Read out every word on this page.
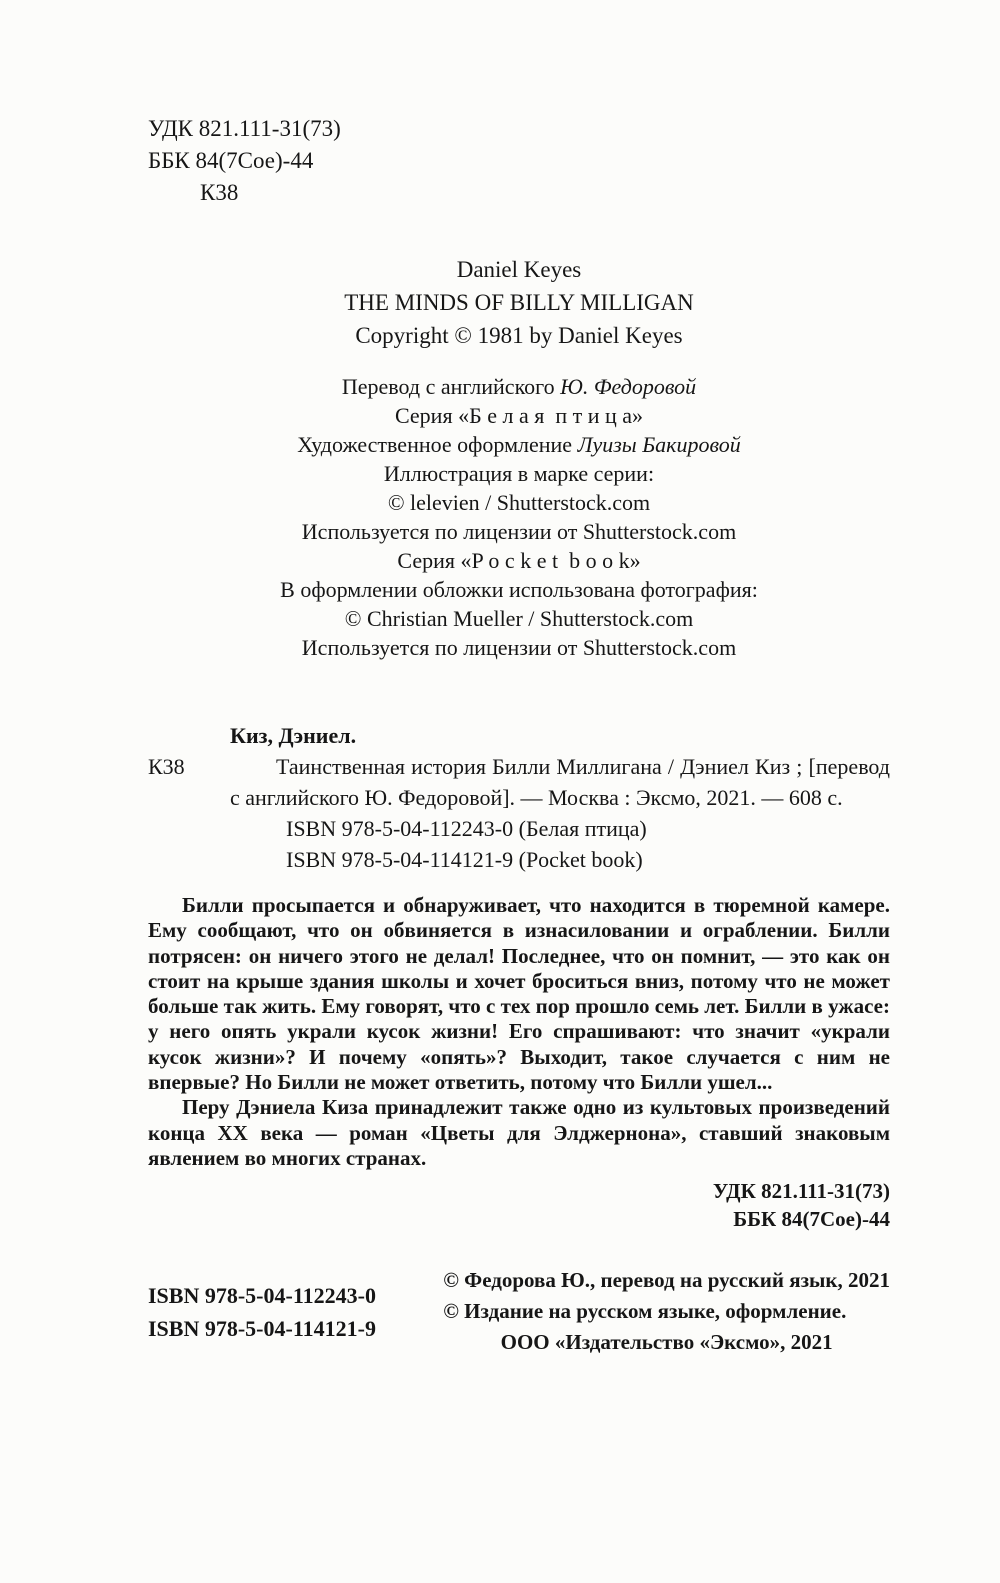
УДК 821.111-31(73)
ББК 84(7Сое)-44
К38
Daniel Keyes
THE MINDS OF BILLY MILLIGAN
Copyright © 1981 by Daniel Keyes
Перевод с английского Ю. Федоровой
Серия «Б е л а я  п т и ц а»
Художественное оформление Луизы Бакировой
Иллюстрация в марке серии:
© lelevien / Shutterstock.com
Используется по лицензии от Shutterstock.com
Серия «P o c k e t  b o o k»
В оформлении обложки использована фотография:
© Christian Mueller / Shutterstock.com
Используется по лицензии от Shutterstock.com
К38
Киз, Дэниел.
Таинственная история Билли Миллигана / Дэниел Киз ; [перевод с английского Ю. Федоровой]. — Москва : Эксмо, 2021. — 608 с.
ISBN 978-5-04-112243-0 (Белая птица)
ISBN 978-5-04-114121-9 (Pocket book)

Билли просыпается и обнаруживает, что находится в тюремной камере. Ему сообщают, что он обвиняется в изнасиловании и ограблении. Билли потрясен: он ничего этого не делал! Последнее, что он помнит, — это как он стоит на крыше здания школы и хочет броситься вниз, потому что не может больше так жить. Ему говорят, что с тех пор прошло семь лет. Билли в ужасе: у него опять украли кусок жизни! Его спрашивают: что значит «украли кусок жизни»? И почему «опять»? Выходит, такое случается с ним не впервые? Но Билли не может ответить, потому что Билли ушел...

Перу Дэниела Киза принадлежит также одно из культовых произведений конца XX века — роман «Цветы для Элджернона», ставший знаковым явлением во многих странах.

УДК 821.111-31(73)
ББК 84(7Сое)-44
ISBN 978-5-04-112243-0
ISBN 978-5-04-114121-9
© Федорова Ю., перевод на русский язык, 2021
© Издание на русском языке, оформление.
ООО «Издательство «Эксмо», 2021
